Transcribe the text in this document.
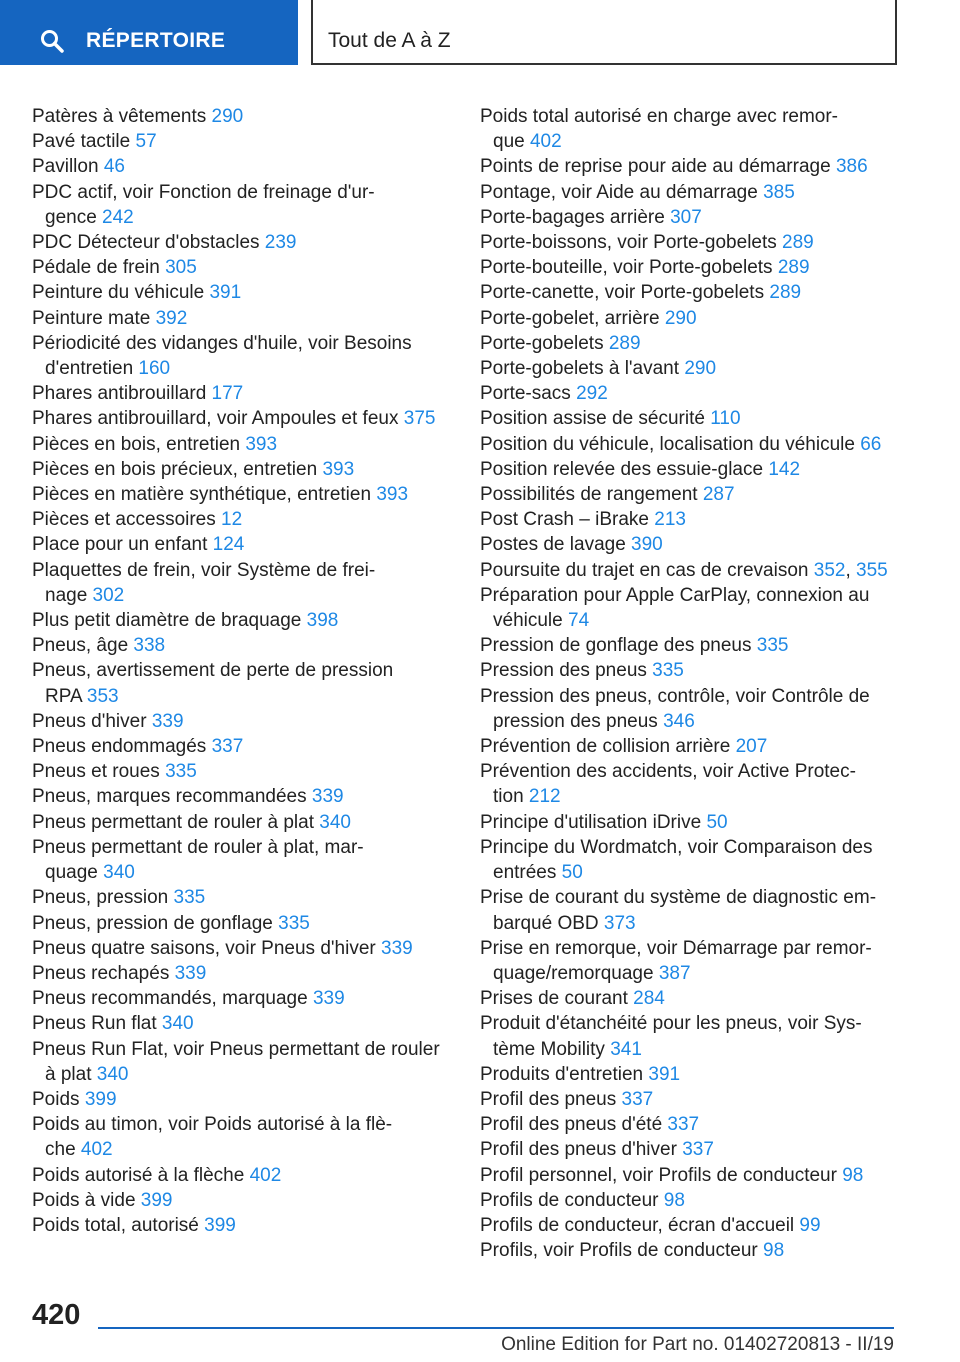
RÉPERTOIRE	Tout de A à Z
Patères à vêtements 290
Pavé tactile 57
Pavillon 46
PDC actif, voir Fonction de freinage d'ur-
gence 242
PDC Détecteur d'obstacles 239
Pédale de frein 305
Peinture du véhicule 391
Peinture mate 392
Périodicité des vidanges d'huile, voir Besoins
d'entretien 160
Phares antibrouillard 177
Phares antibrouillard, voir Ampoules et feux 375
Pièces en bois, entretien 393
Pièces en bois précieux, entretien 393
Pièces en matière synthétique, entretien 393
Pièces et accessoires 12
Place pour un enfant 124
Plaquettes de frein, voir Système de frei-
nage 302
Plus petit diamètre de braquage 398
Pneus, âge 338
Pneus, avertissement de perte de pression
RPA 353
Pneus d'hiver 339
Pneus endommagés 337
Pneus et roues 335
Pneus, marques recommandées 339
Pneus permettant de rouler à plat 340
Pneus permettant de rouler à plat, mar-
quage 340
Pneus, pression 335
Pneus, pression de gonflage 335
Pneus quatre saisons, voir Pneus d'hiver 339
Pneus rechapés 339
Pneus recommandés, marquage 339
Pneus Run flat 340
Pneus Run Flat, voir Pneus permettant de rouler
à plat 340
Poids 399
Poids au timon, voir Poids autorisé à la flè-
che 402
Poids autorisé à la flèche 402
Poids à vide 399
Poids total, autorisé 399
Poids total autorisé en charge avec remor-
que 402
Points de reprise pour aide au démarrage 386
Pontage, voir Aide au démarrage 385
Porte-bagages arrière 307
Porte-boissons, voir Porte-gobelets 289
Porte-bouteille, voir Porte-gobelets 289
Porte-canette, voir Porte-gobelets 289
Porte-gobelet, arrière 290
Porte-gobelets 289
Porte-gobelets à l'avant 290
Porte-sacs 292
Position assise de sécurité 110
Position du véhicule, localisation du véhicule 66
Position relevée des essuie-glace 142
Possibilités de rangement 287
Post Crash – iBrake 213
Postes de lavage 390
Poursuite du trajet en cas de crevaison 352, 355
Préparation pour Apple CarPlay, connexion au
véhicule 74
Pression de gonflage des pneus 335
Pression des pneus 335
Pression des pneus, contrôle, voir Contrôle de
pression des pneus 346
Prévention de collision arrière 207
Prévention des accidents, voir Active Protec-
tion 212
Principe d'utilisation iDrive 50
Principe du Wordmatch, voir Comparaison des
entrées 50
Prise de courant du système de diagnostic em-
barqué OBD 373
Prise en remorque, voir Démarrage par remor-
quage/remorquage 387
Prises de courant 284
Produit d'étanchéité pour les pneus, voir Sys-
tème Mobility 341
Produits d'entretien 391
Profil des pneus 337
Profil des pneus d'été 337
Profil des pneus d'hiver 337
Profil personnel, voir Profils de conducteur 98
Profils de conducteur 98
Profils de conducteur, écran d'accueil 99
Profils, voir Profils de conducteur 98
420
Online Edition for Part no. 01402720813 - II/19
